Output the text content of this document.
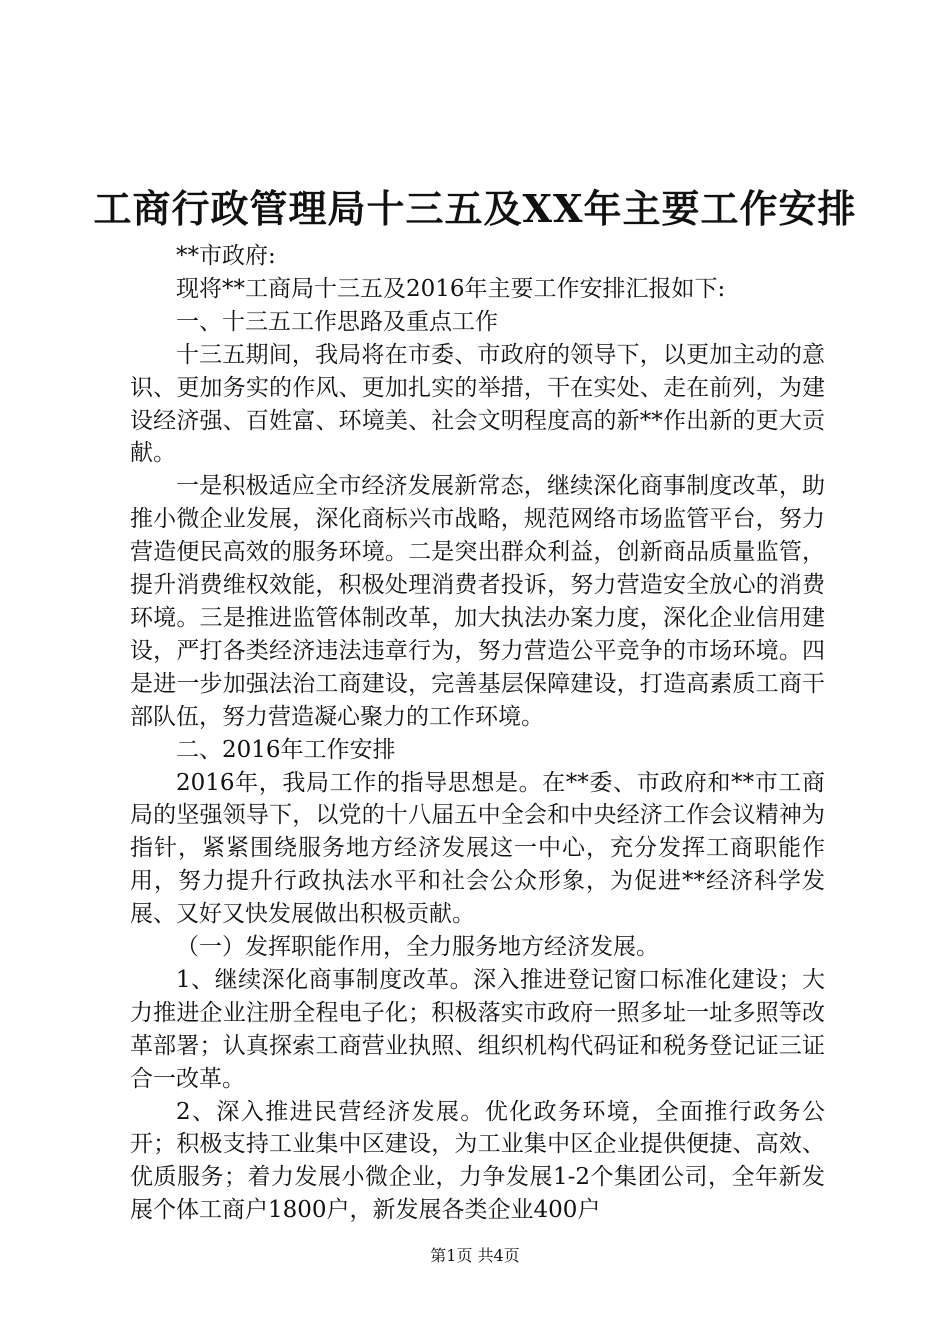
工商行政管理局十三五及XX年主要工作安排

**市政府:

现将**工商局十三五及2016年主要工作安排汇报如下:

一、十三五工作思路及重点工作

十三五期间，我局将在市委、市政府的领导下，以更加主动的意识、更加务实的作风、更加扎实的举措，干在实处、走在前列，为建设经济强、百姓富、环境美、社会文明程度高的新**作出新的更大贡献。

一是积极适应全市经济发展新常态，继续深化商事制度改革，助推小微企业发展，深化商标兴市战略，规范网络市场监管平台，努力营造便民高效的服务环境。二是突出群众利益，创新商品质量监管，提升消费维权效能，积极处理消费者投诉，努力营造安全放心的消费环境。三是推进监管体制改革，加大执法办案力度，深化企业信用建设，严打各类经济违法违章行为，努力营造公平竞争的市场环境。四是进一步加强法治工商建设，完善基层保障建设，打造高素质工商干部队伍，努力营造凝心聚力的工作环境。

二、2016年工作安排

2016年，我局工作的指导思想是。在**委、市政府和**市工商局的坚强领导下，以党的十八届五中全会和中央经济工作会议精神为指针，紧紧围绕服务地方经济发展这一中心，充分发挥工商职能作用，努力提升行政执法水平和社会公众形象，为促进**经济科学发展、又好又快发展做出积极贡献。

（一）发挥职能作用，全力服务地方经济发展。

1、继续深化商事制度改革。深入推进登记窗口标准化建设；大力推进企业注册全程电子化；积极落实市政府一照多址一址多照等改革部署；认真探索工商营业执照、组织机构代码证和税务登记证三证合一改革。

2、深入推进民营经济发展。优化政务环境，全面推行政务公开；积极支持工业集中区建设，为工业集中区企业提供便捷、高效、优质服务；着力发展小微企业，力争发展1-2个集团公司，全年新发展个体工商户1800户，新发展各类企业400户

第1页 共4页
